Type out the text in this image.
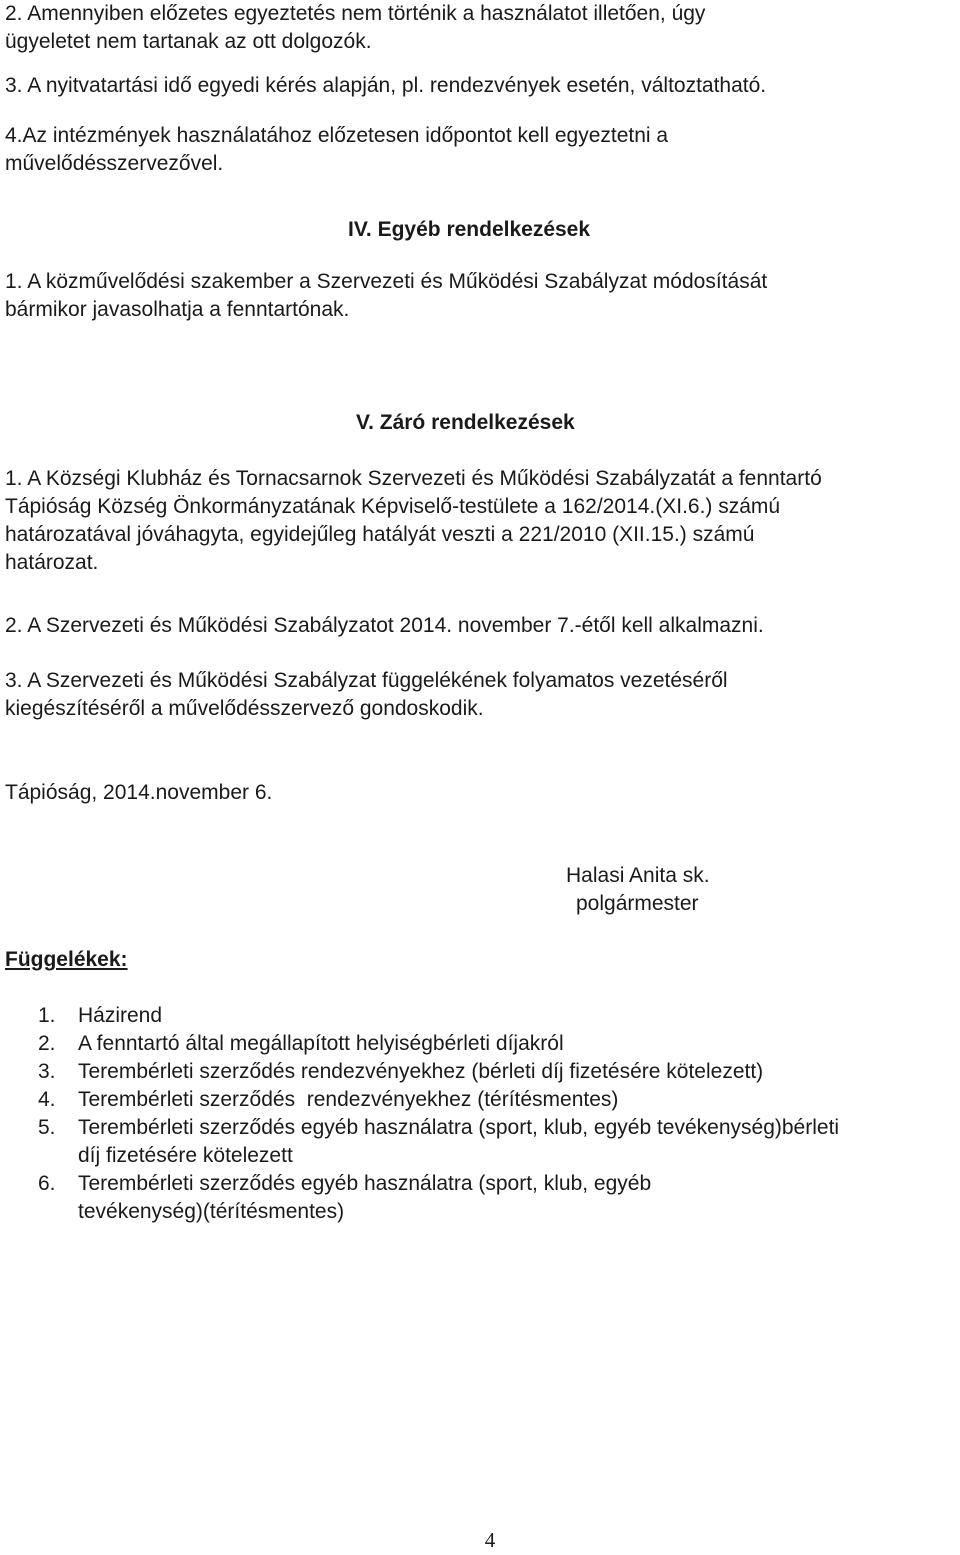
2. Amennyiben előzetes egyeztetés nem történik a használatot illetően, úgy

ügyeletet nem tartanak az ott dolgozók.

3. A nyitvatartási idő egyedi kérés alapján, pl. rendezvények esetén, változtatható.

4.Az intézmények használatához előzetesen időpontot kell egyeztetni a

művelődésszervezővel.

IV. Egyéb rendelkezések

1. A közművelődési szakember a Szervezeti és Működési Szabályzat módosítását

bármikor javasolhatja a fenntartónak.

V. Záró rendelkezések

1. A Községi Klubház és Tornacsarnok Szervezeti és Működési Szabályzatát a fenntartó

Tápióság Község Önkormányzatának Képviselő-testülete a 162/2014.(XI.6.) számú

határozatával jóváhagyta, egyidejűleg hatályát veszti a 221/2010 (XII.15.) számú

határozat.

2. A Szervezeti és Működési Szabályzatot 2014. november 7.-étől kell alkalmazni.

3. A Szervezeti és Működési Szabályzat függelékének folyamatos vezetéséről

kiegészítéséről a művelődésszervező gondoskodik.

Tápióság, 2014.november 6.

Halasi Anita sk.

polgármester

Függelékek:

1. Házirend
2. A fenntartó által megállapított helyiségbérleti díjakról
3. Terembérleti szerződés rendezvényekhez (bérleti díj fizetésére kötelezett)
4. Terembérleti szerződés  rendezvényekhez (térítésmentes)
5. Terembérleti szerződés egyéb használatra (sport, klub, egyéb tevékenység)bérleti
díj fizetésére kötelezett
6. Terembérleti szerződés egyéb használatra (sport, klub, egyéb
tevékenység)(térítésmentes)
4
